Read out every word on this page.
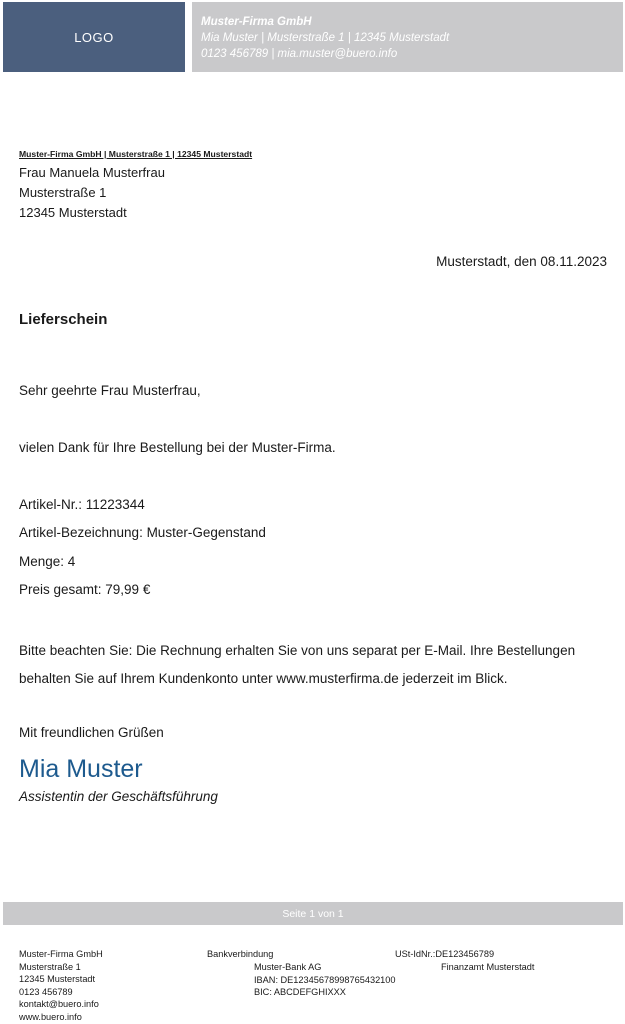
LOGO
Muster-Firma GmbH
Mia Muster | Musterstraße 1 | 12345 Musterstadt
0123 456789 | mia.muster@buero.info
Muster-Firma GmbH | Musterstraße 1 | 12345 Musterstadt
Frau Manuela Musterfrau
Musterstraße 1
12345 Musterstadt
Musterstadt, den 08.11.2023
Lieferschein
Sehr geehrte Frau Musterfrau,
vielen Dank für Ihre Bestellung bei der Muster-Firma.
Artikel-Nr.: 11223344
Artikel-Bezeichnung: Muster-Gegenstand
Menge: 4
Preis gesamt: 79,99 €
Bitte beachten Sie: Die Rechnung erhalten Sie von uns separat per E-Mail. Ihre Bestellungen
behalten Sie auf Ihrem Kundenkonto unter www.musterfirma.de jederzeit im Blick.
Mit freundlichen Grüßen
Mia Muster
Assistentin der Geschäftsführung
Seite 1 von 1
Muster-Firma GmbH
Musterstraße 1
12345 Musterstadt
0123 456789
kontakt@buero.info
www.buero.info
Bankverbindung
Muster-Bank AG
IBAN: DE12345678998765432100
BIC: ABCDEFGHIXXX
USt-IdNr.:DE123456789
Finanzamt Musterstadt
